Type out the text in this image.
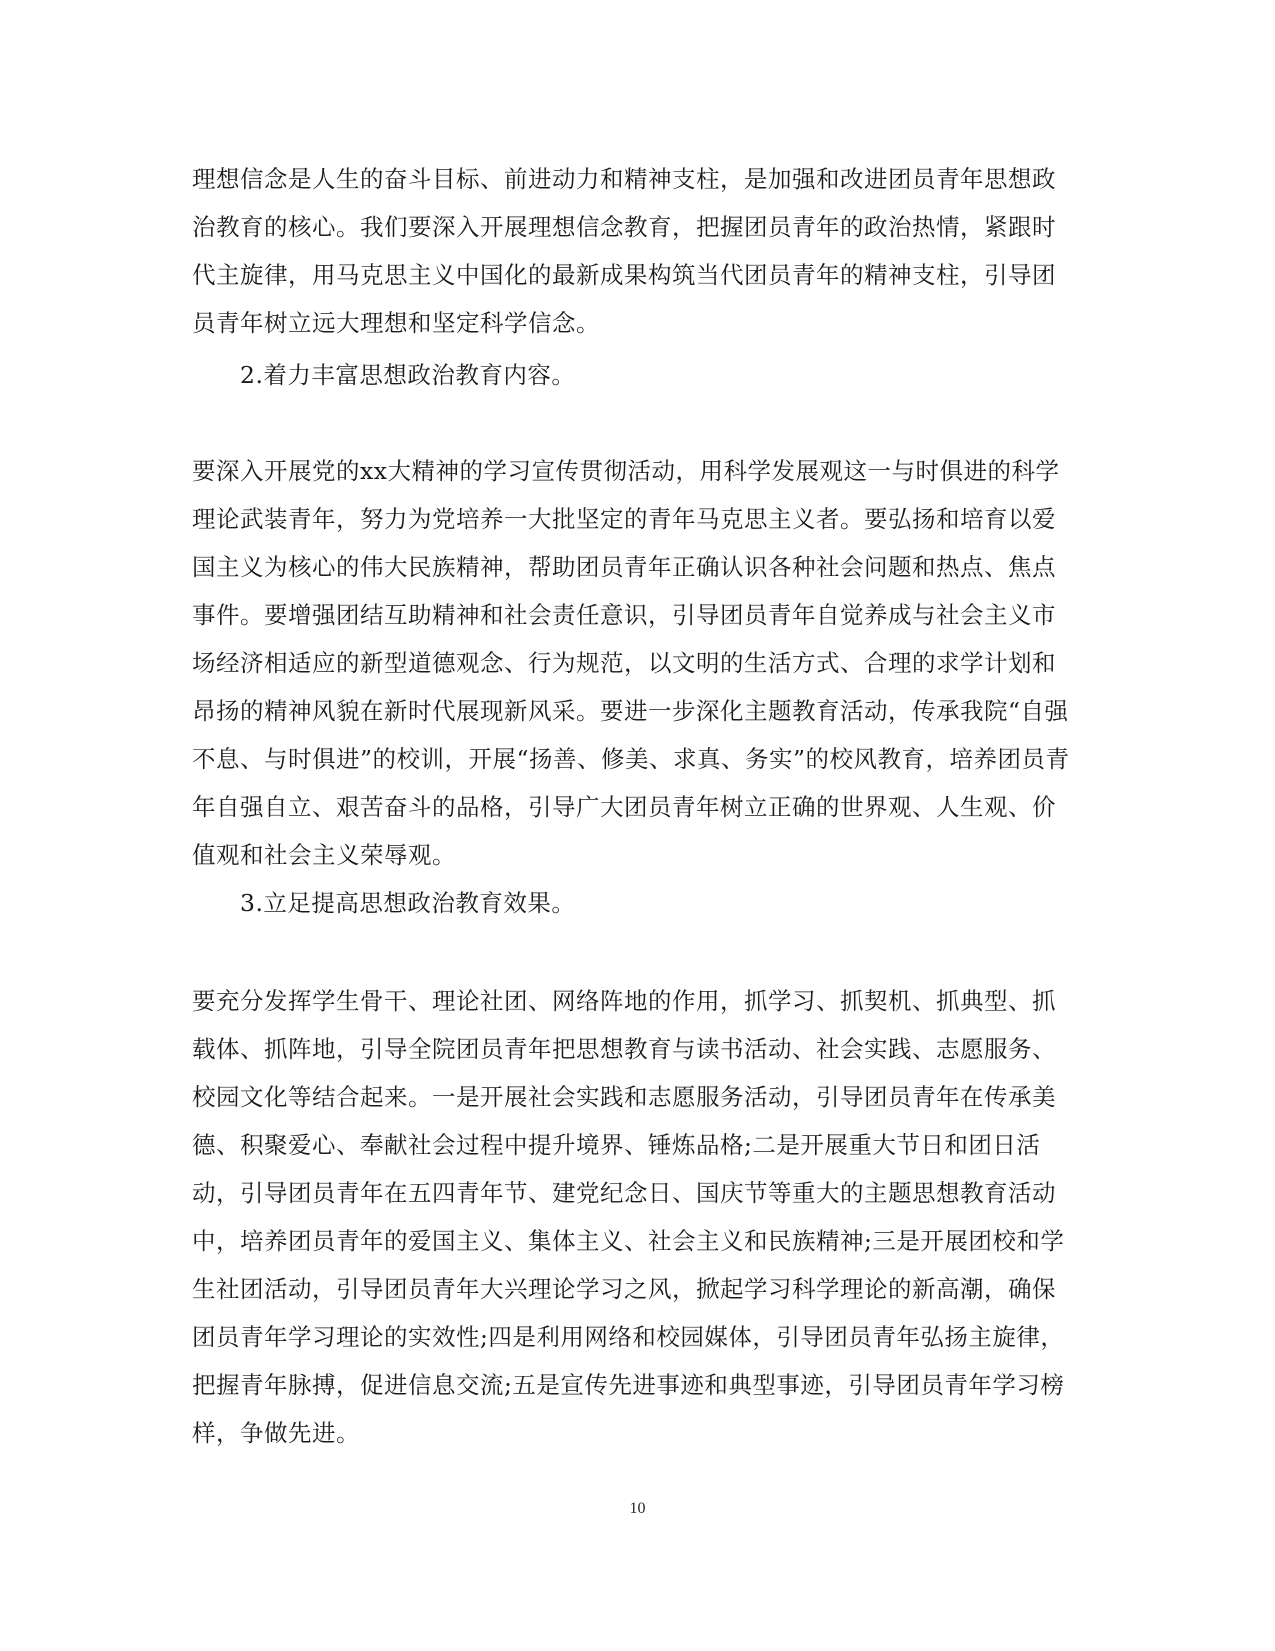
理想信念是人生的奋斗目标、前进动力和精神支柱，是加强和改进团员青年思想政治教育的核心。我们要深入开展理想信念教育，把握团员青年的政治热情，紧跟时代主旋律，用马克思主义中国化的最新成果构筑当代团员青年的精神支柱，引导团员青年树立远大理想和坚定科学信念。

2.着力丰富思想政治教育内容。

要深入开展党的xx大精神的学习宣传贯彻活动，用科学发展观这一与时俱进的科学理论武装青年，努力为党培养一大批坚定的青年马克思主义者。要弘扬和培育以爱国主义为核心的伟大民族精神，帮助团员青年正确认识各种社会问题和热点、焦点事件。要增强团结互助精神和社会责任意识，引导团员青年自觉养成与社会主义市场经济相适应的新型道德观念、行为规范，以文明的生活方式、合理的求学计划和昂扬的精神风貌在新时代展现新风采。要进一步深化主题教育活动，传承我院“自强不息、与时俱进”的校训，开展“扬善、修美、求真、务实”的校风教育，培养团员青年自强自立、艰苦奋斗的品格，引导广大团员青年树立正确的世界观、人生观、价值观和社会主义荣辱观。

3.立足提高思想政治教育效果。

要充分发挥学生骨干、理论社团、网络阵地的作用，抓学习、抓契机、抓典型、抓载体、抓阵地，引导全院团员青年把思想教育与读书活动、社会实践、志愿服务、校园文化等结合起来。一是开展社会实践和志愿服务活动，引导团员青年在传承美德、积聚爱心、奉献社会过程中提升境界、锤炼品格;二是开展重大节日和团日活动，引导团员青年在五四青年节、建党纪念日、国庆节等重大的主题思想教育活动中，培养团员青年的爱国主义、集体主义、社会主义和民族精神;三是开展团校和学生社团活动，引导团员青年大兴理论学习之风，掀起学习科学理论的新高潮，确保团员青年学习理论的实效性;四是利用网络和校园媒体，引导团员青年弘扬主旋律，把握青年脉搏，促进信息交流;五是宣传先进事迹和典型事迹，引导团员青年学习榜样，争做先进。

10
